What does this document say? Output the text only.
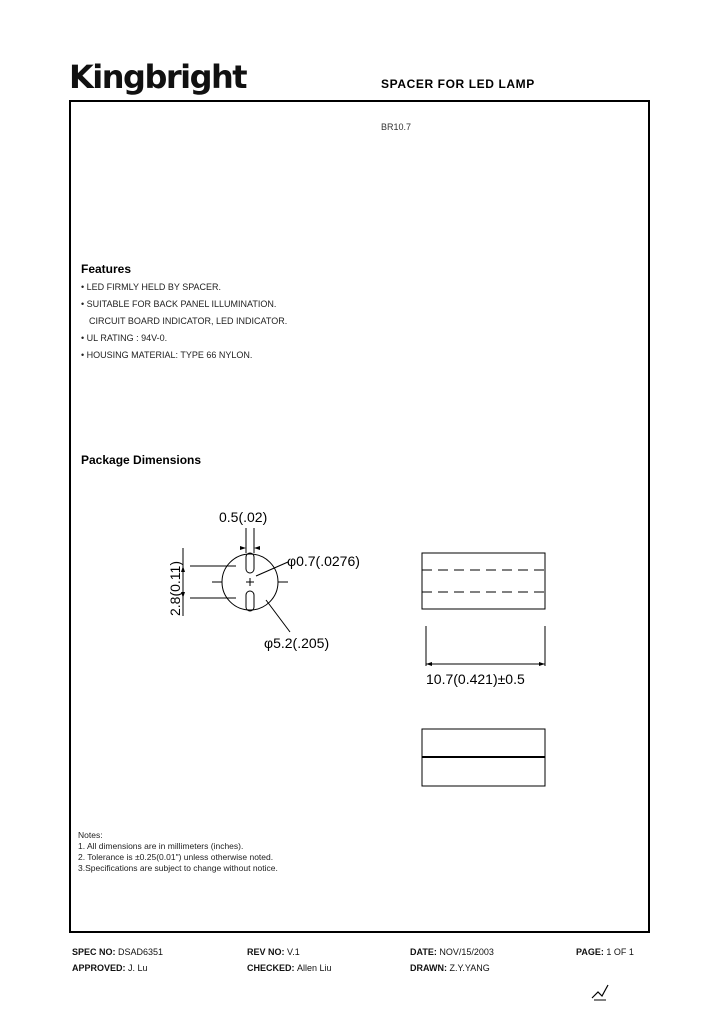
Kingbright	SPACER FOR LED LAMP
BR10.7
Features
• LED FIRMLY HELD BY SPACER.
• SUITABLE FOR BACK PANEL ILLUMINATION.
CIRCUIT BOARD INDICATOR, LED INDICATOR.
• UL RATING : 94V-0.
• HOUSING MATERIAL: TYPE 66 NYLON.
Package Dimensions
0.5(.02)
φ0.7(.0276)
φ5.2(.205)
2.8(0.11)
10.7(0.421)±0.5
Notes:
1. All dimensions are in millimeters (inches).
2. Tolerance is ±0.25(0.01") unless otherwise noted.
3.Specifications are subject to change without notice.
SPEC NO: DSAD6351	REV NO: V.1	DATE: NOV/15/2003	PAGE: 1 OF 1
APPROVED: J. Lu	CHECKED: Allen Liu	DRAWN: Z.Y.YANG
